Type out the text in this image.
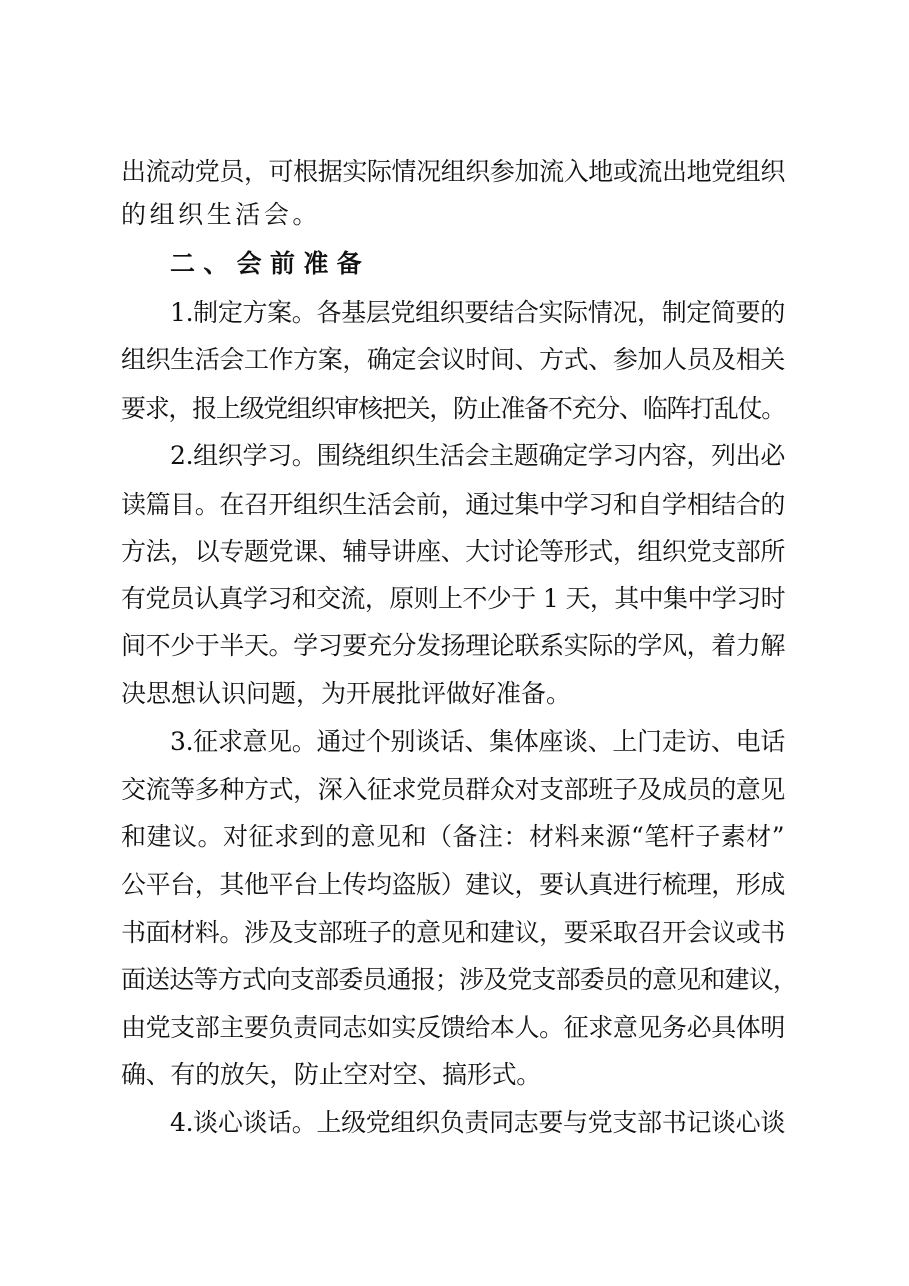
出流动党员，可根据实际情况组织参加流入地或流出地党组织
的组织生活会。
二、会前准备
1.制定方案。各基层党组织要结合实际情况，制定简要的
组织生活会工作方案，确定会议时间、方式、参加人员及相关
要求，报上级党组织审核把关，防止准备不充分、临阵打乱仗。
2.组织学习。围绕组织生活会主题确定学习内容，列出必
读篇目。在召开组织生活会前，通过集中学习和自学相结合的
方法，以专题党课、辅导讲座、大讨论等形式，组织党支部所
有党员认真学习和交流，原则上不少于 1 天，其中集中学习时
间不少于半天。学习要充分发扬理论联系实际的学风，着力解
决思想认识问题，为开展批评做好准备。
3.征求意见。通过个别谈话、集体座谈、上门走访、电话
交流等多种方式，深入征求党员群众对支部班子及成员的意见
和建议。对征求到的意见和（备注：材料来源“笔杆子素材”
公平台，其他平台上传均盗版）建议，要认真进行梳理，形成
书面材料。涉及支部班子的意见和建议，要采取召开会议或书
面送达等方式向支部委员通报；涉及党支部委员的意见和建议，
由党支部主要负责同志如实反馈给本人。征求意见务必具体明
确、有的放矢，防止空对空、搞形式。
4.谈心谈话。上级党组织负责同志要与党支部书记谈心谈
